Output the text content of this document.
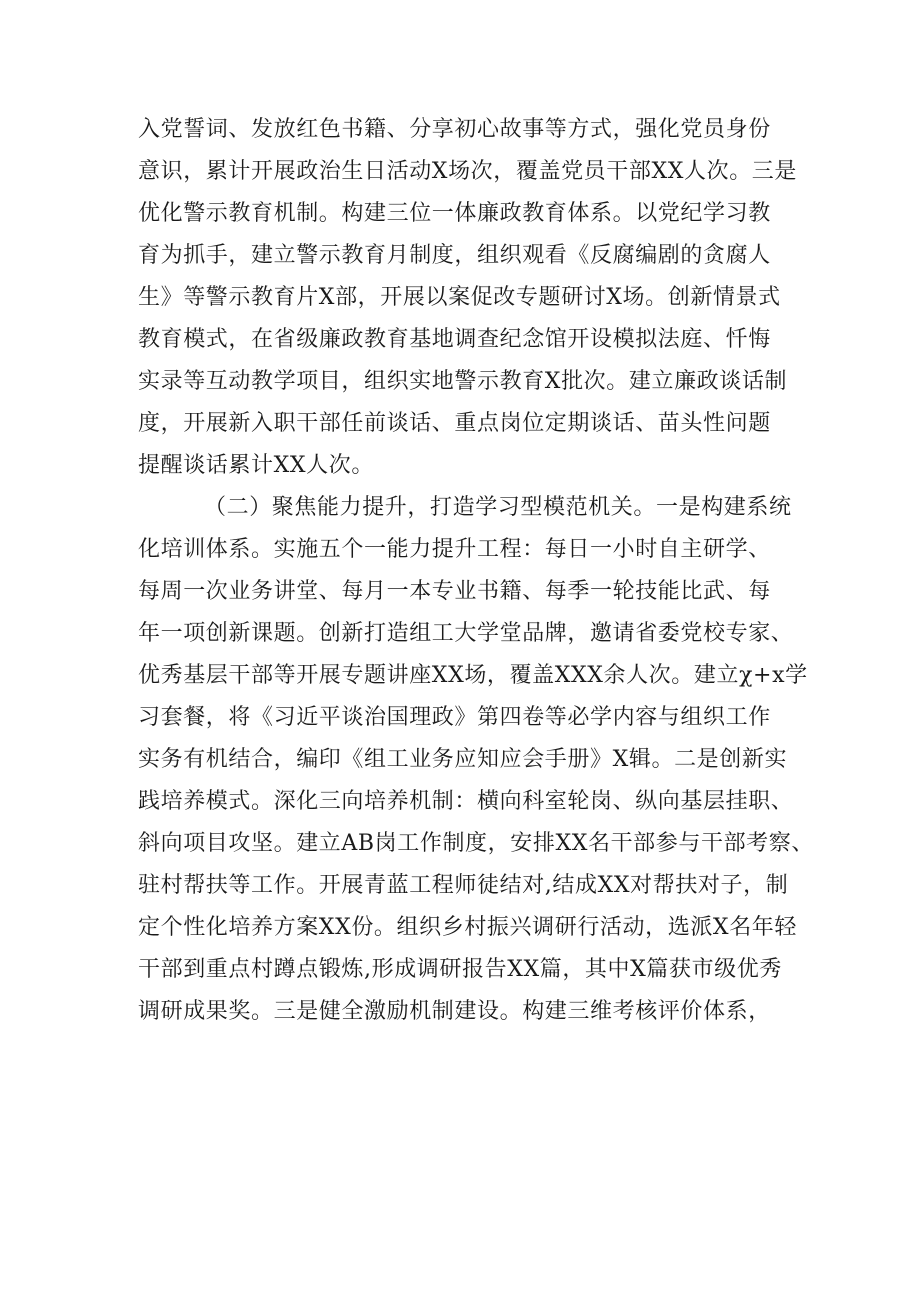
入党誓词、发放红色书籍、分享初心故事等方式，强化党员身份
意识，累计开展政治生日活动X场次，覆盖党员干部XX人次。三是
优化警示教育机制。构建三位一体廉政教育体系。以党纪学习教
育为抓手，建立警示教育月制度，组织观看《反腐编剧的贪腐人
生》等警示教育片X部，开展以案促改专题研讨X场。创新情景式
教育模式，在省级廉政教育基地调查纪念馆开设模拟法庭、忏悔
实录等互动教学项目，组织实地警示教育X批次。建立廉政谈话制
度，开展新入职干部任前谈话、重点岗位定期谈话、苗头性问题
提醒谈话累计XX人次。
（二）聚焦能力提升，打造学习型模范机关。一是构建系统
化培训体系。实施五个一能力提升工程：每日一小时自主研学、
每周一次业务讲堂、每月一本专业书籍、每季一轮技能比武、每
年一项创新课题。创新打造组工大学堂品牌，邀请省委党校专家、
优秀基层干部等开展专题讲座XX场，覆盖XXX余人次。建立χ+x学
习套餐，将《习近平谈治国理政》第四卷等必学内容与组织工作
实务有机结合，编印《组工业务应知应会手册》X辑。二是创新实
践培养模式。深化三向培养机制：横向科室轮岗、纵向基层挂职、
斜向项目攻坚。建立AB岗工作制度，安排XX名干部参与干部考察、
驻村帮扶等工作。开展青蓝工程师徒结对,结成XX对帮扶对子，制
定个性化培养方案XX份。组织乡村振兴调研行活动，选派X名年轻
干部到重点村蹲点锻炼,形成调研报告XX篇，其中X篇获市级优秀
调研成果奖。三是健全激励机制建设。构建三维考核评价体系，
